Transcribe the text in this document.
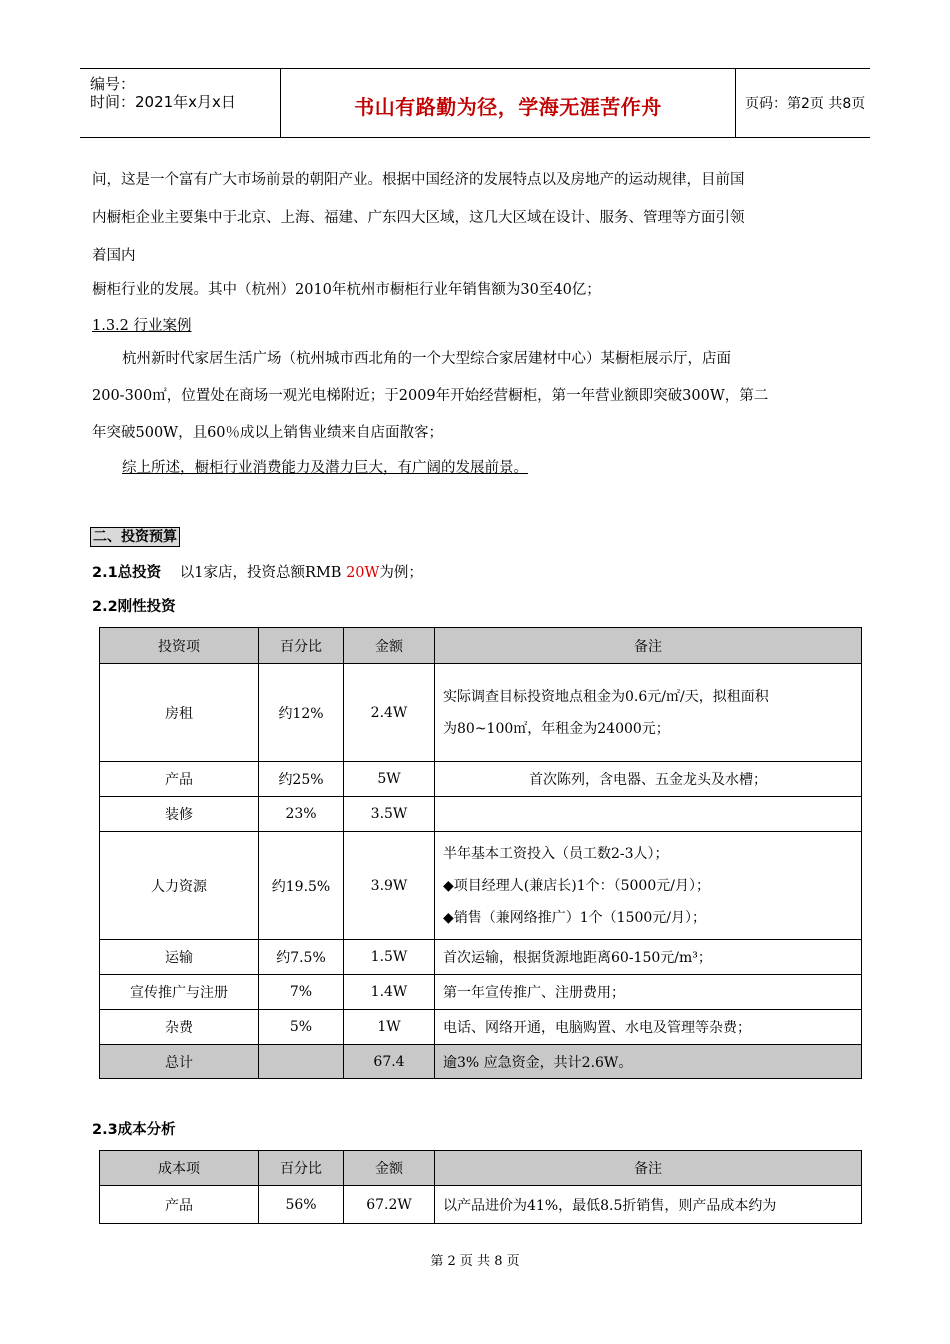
编号：
时间：2021年x月x日	书山有路勤为径，学海无涯苦作舟	页码：第2页 共8页
问，这是一个富有广大市场前景的朝阳产业。根据中国经济的发展特点以及房地产的运动规律，目前国
内橱柜企业主要集中于北京、上海、福建、广东四大区域，这几大区域在设计、服务、管理等方面引领
着国内
橱柜行业的发展。其中（杭州）2010年杭州市橱柜行业年销售额为30至40亿；
1.3.2 行业案例
杭州新时代家居生活广场（杭州城市西北角的一个大型综合家居建材中心）某橱柜展示厅，店面
200-300㎡，位置处在商场一观光电梯附近；于2009年开始经营橱柜，第一年营业额即突破300W，第二
年突破500W，且60％成以上销售业绩来自店面散客；
综上所述，橱柜行业消费能力及潜力巨大，有广阔的发展前景。
二、投资预算
2.1总投资 以1家店，投资总额RMB 20W为例；
2.2刚性投资
投资项	百分比	金额	备注
房租	约12%	2.4W	实际调查目标投资地点租金为0.6元/㎡/天，拟租面积
为80~100㎡，年租金为24000元；

产品	约25%	5W	首次陈列，含电器、五金龙头及水槽；
装修	23%	3.5W	
人力资源	约19.5%	3.9W	半年基本工资投入（员工数2-3人）；
◆项目经理人(兼店长)1个：（5000元/月）；
◆销售（兼网络推广）1个（1500元/月）；

运输	约7.5%	1.5W	首次运输，根据货源地距离60-150元/m³；
宣传推广与注册	7%	1.4W	第一年宣传推广、注册费用；
杂费	5%	1W	电话、网络开通，电脑购置、水电及管理等杂费；
总计		67.4	逾3% 应急资金，共计2.6W。
2.3成本分析
成本项	百分比	金额	备注
产品	56%	67.2W	以产品进价为41%，最低8.5折销售，则产品成本约为
第 2 页 共 8 页
